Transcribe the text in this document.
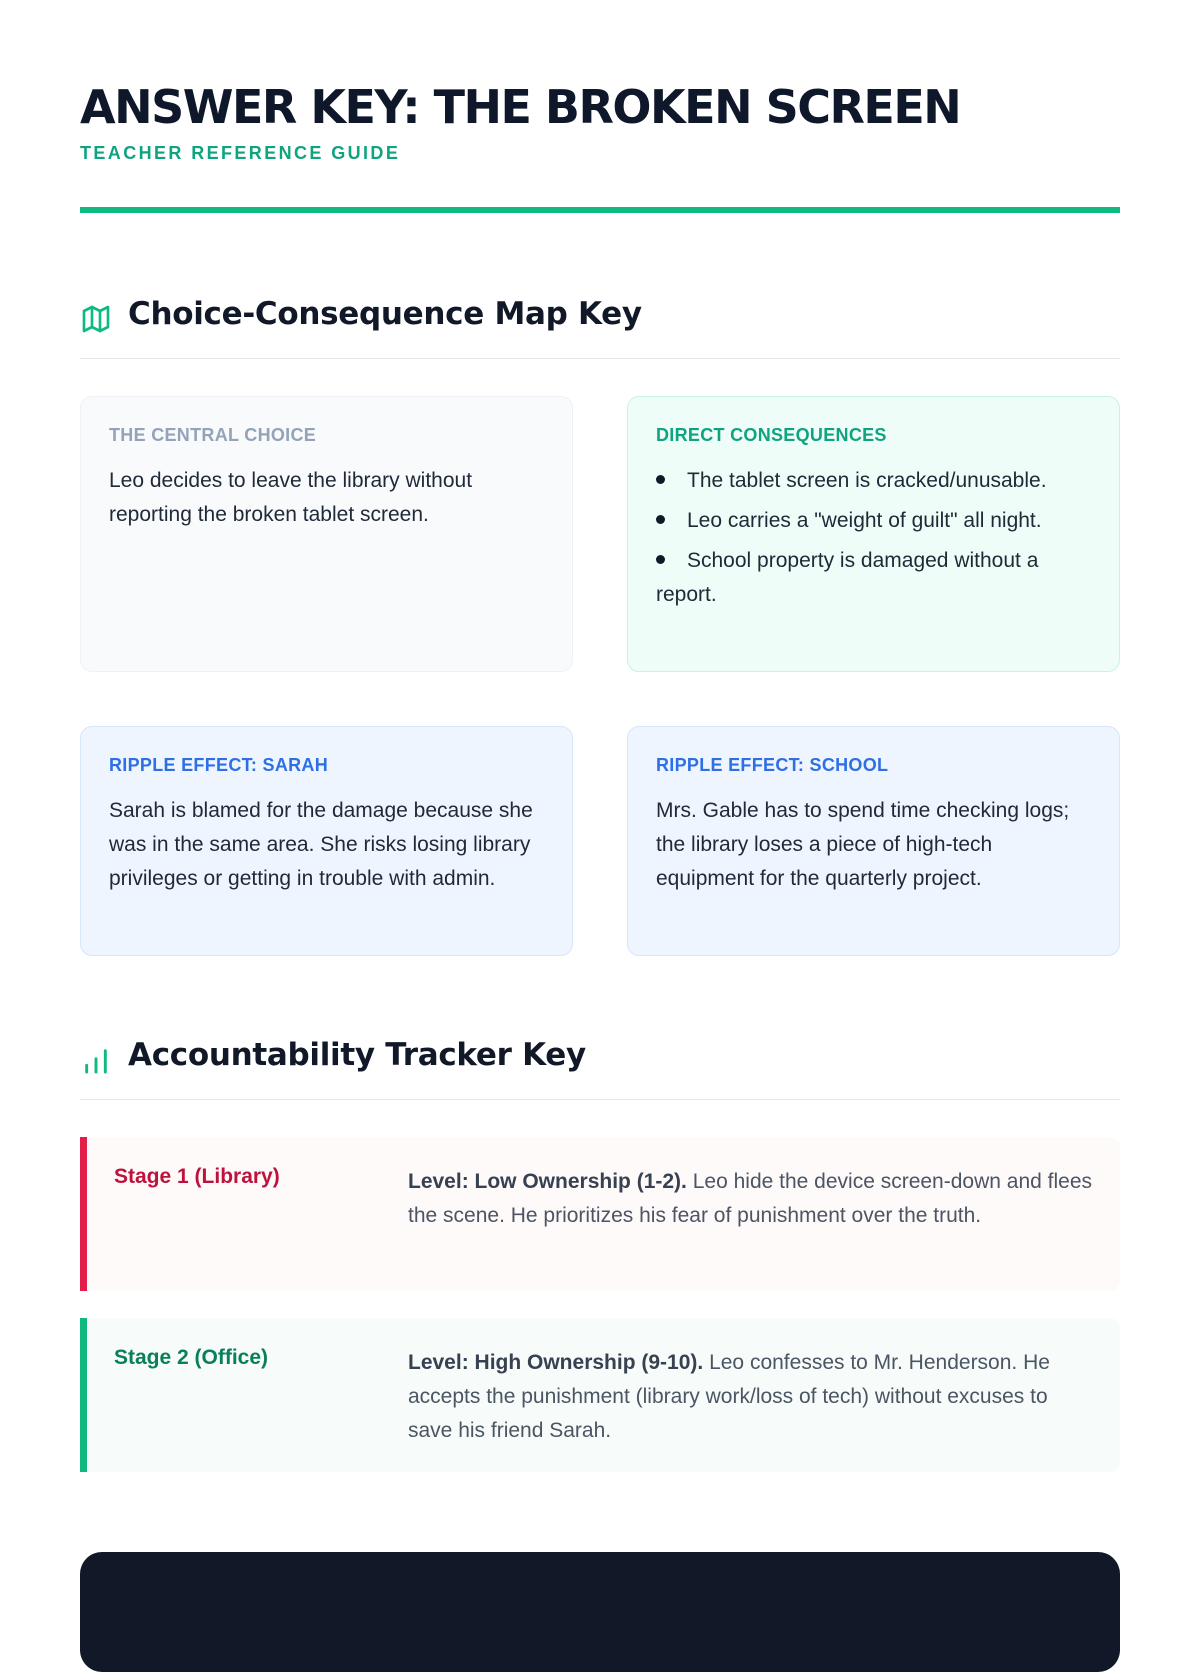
ANSWER KEY: THE BROKEN SCREEN
TEACHER REFERENCE GUIDE
Choice-Consequence Map Key
THE CENTRAL CHOICE
Leo decides to leave the library without reporting the broken tablet screen.
DIRECT CONSEQUENCES
The tablet screen is cracked/unusable.
Leo carries a "weight of guilt" all night.
School property is damaged without a report.
RIPPLE EFFECT: SARAH
Sarah is blamed for the damage because she was in the same area. She risks losing library privileges or getting in trouble with admin.
RIPPLE EFFECT: SCHOOL
Mrs. Gable has to spend time checking logs; the library loses a piece of high-tech equipment for the quarterly project.
Accountability Tracker Key
Stage 1 (Library)	Level: Low Ownership (1-2). Leo hide the device screen-down and flees the scene. He prioritizes his fear of punishment over the truth.
Stage 2 (Office)	Level: High Ownership (9-10). Leo confesses to Mr. Henderson. He accepts the punishment (library work/loss of tech) without excuses to save his friend Sarah.
